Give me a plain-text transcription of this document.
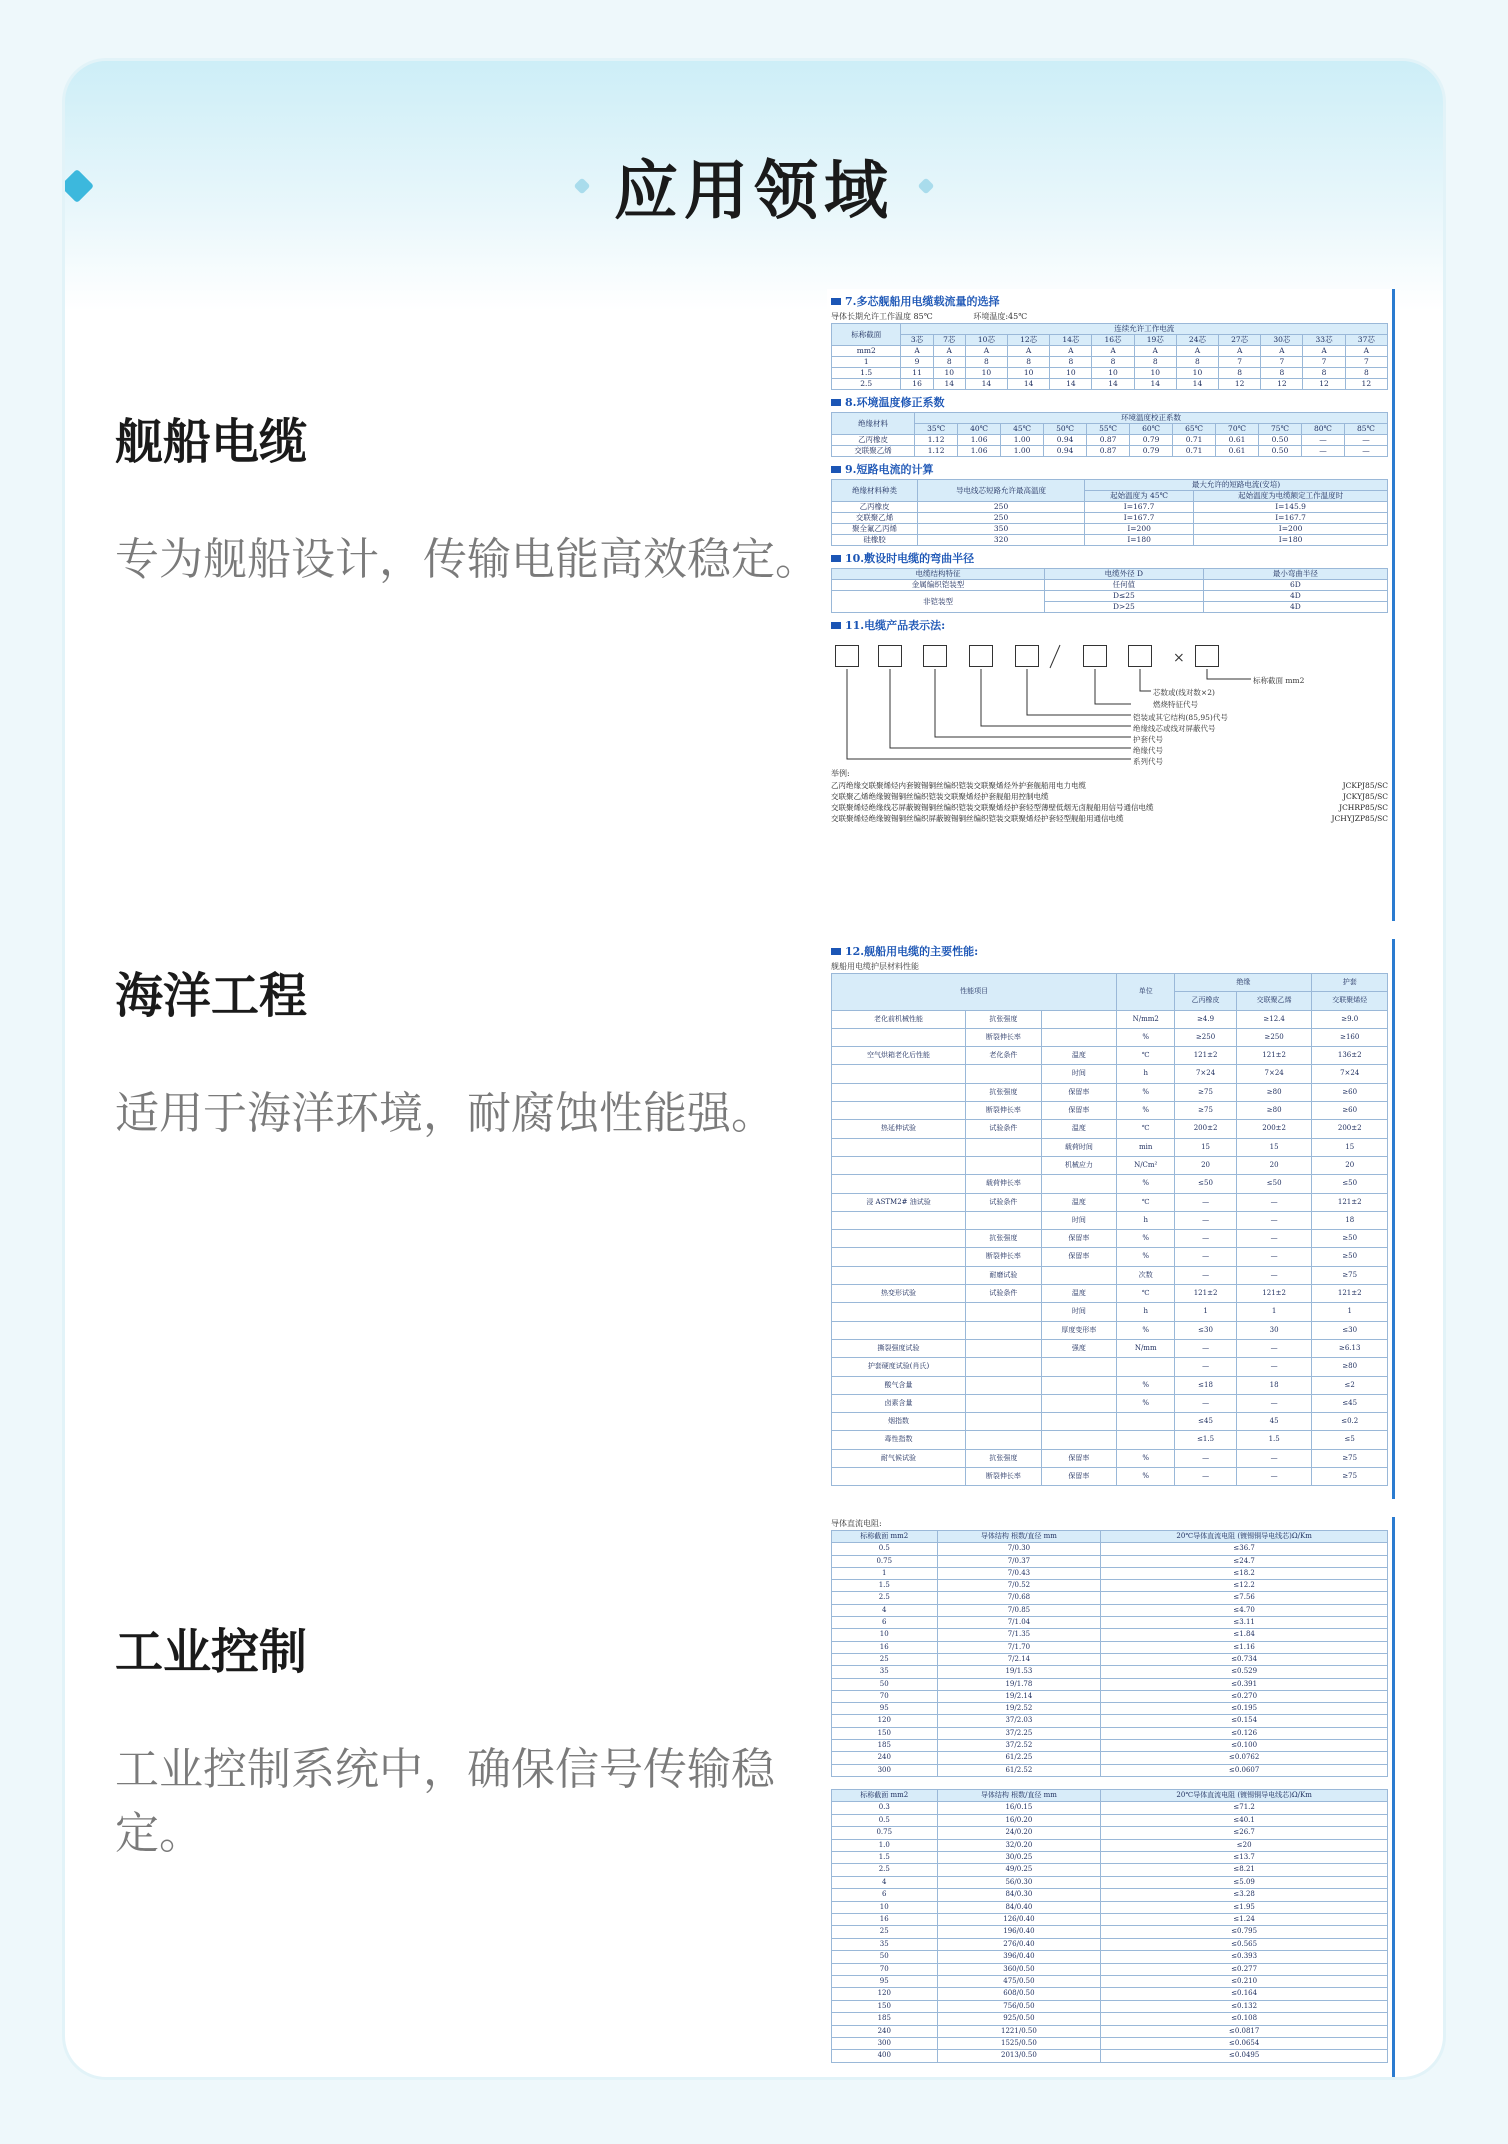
应用领域
舰船电缆

专为舰船设计，传输电能高效稳定。

海洋工程

适用于海洋环境，耐腐蚀性能强。

工业控制

工业控制系统中，确保信号传输稳定。

7.多芯舰船用电缆载流量的选择
导体长期允许工作温度 85℃	环境温度:45℃
标称截面	连续允许工作电流											
	3芯	7芯	10芯	12芯	14芯	16芯	19芯	24芯	27芯	30芯	33芯	37芯
mm2	A	A	A	A	A	A	A	A	A	A	A	A
1	9	8	8	8	8	8	8	8	7	7	7	7
1.5	11	10	10	10	10	10	10	10	8	8	8	8
2.5	16	14	14	14	14	14	14	14	12	12	12	12
8.环境温度修正系数
绝缘材料	环境温度校正系数										
	35℃	40℃	45℃	50℃	55℃	60℃	65℃	70℃	75℃	80℃	85℃
乙丙橡皮	1.12	1.06	1.00	0.94	0.87	0.79	0.71	0.61	0.50	—	—
交联聚乙烯	1.12	1.06	1.00	0.94	0.87	0.79	0.71	0.61	0.50	—	—
9.短路电流的计算
绝缘材料种类	导电线芯短路允许最高温度	最大允许的短路电流(安培)	
		起始温度为 45℃	起始温度为电缆额定工作温度时
乙丙橡皮	250	I=167.7	I=145.9
交联聚乙烯	250	I=167.7	I=167.7
聚全氟乙丙烯	350	I=200	I=200
硅橡胶	320	I=180	I=180
10.敷设时电缆的弯曲半径
电缆结构特征	电缆外径 D	最小弯曲半径
金属编织铠装型	任何值	6D
非铠装型	D≤25	4D
	D>25	4D
11.电缆产品表示法:
×
标称截面 mm2
芯数或(线对数×2)
燃烧特征代号
铠装或其它结构(85,95)代号
绝缘线芯或线对屏蔽代号
护套代号
绝缘代号
系列代号
举例:
乙丙绝缘交联聚烯烃内套镀锡铜丝编织铠装交联聚烯烃外护套舰船用电力电缆	JCKPJ85/SC
交联聚乙烯绝缘镀锡铜丝编织铠装交联聚烯烃护套舰船用控制电缆	JCKYJ85/SC
交联聚烯烃绝缘线芯屏蔽镀锡铜丝编织铠装交联聚烯烃护套轻型薄壁低烟无卤舰船用信号通信电缆	JCHRP85/SC
交联聚烯烃绝缘镀锡铜丝编织屏蔽镀锡铜丝编织铠装交联聚烯烃护套轻型舰船用通信电缆	JCHYJZP85/SC
12.舰船用电缆的主要性能:
舰船用电缆护层材料性能
性能项目			单位	绝缘		护套
				乙丙橡皮	交联聚乙烯	交联聚烯烃
老化前机械性能	抗张强度		N/mm2	≥4.9	≥12.4	≥9.0
	断裂伸长率		%	≥250	≥250	≥160
空气烘箱老化后性能	老化条件	温度	℃	121±2	121±2	136±2
		时间	h	7×24	7×24	7×24
	抗张强度	保留率	%	≥75	≥80	≥60
	断裂伸长率	保留率	%	≥75	≥80	≥60
热延伸试验	试验条件	温度	℃	200±2	200±2	200±2
		载荷时间	min	15	15	15
		机械应力	N/Cm²	20	20	20
	载荷伸长率		%	≤50	≤50	≤50
浸 ASTM2# 油试验	试验条件	温度	℃	—	—	121±2
		时间	h	—	—	18
	抗张强度	保留率	%	—	—	≥50
	断裂伸长率	保留率	%	—	—	≥50
	耐磨试验		次数	—	—	≥75
热变形试验	试验条件	温度	℃	121±2	121±2	121±2
		时间	h	1	1	1
		厚度变形率	%	≤30	30	≤30
撕裂强度试验		强度	N/mm	—	—	≥6.13
护套硬度试验(肖氏)				—	—	≥80
酸气含量			%	≤18	18	≤2
卤素含量			%	—	—	≤45
烟指数				≤45	45	≤0.2
毒性指数				≤1.5	1.5	≤5
耐气候试验	抗张强度	保留率	%	—	—	≥75
	断裂伸长率	保留率	%	—	—	≥75
导体直流电阻:
标称截面 mm2	导体结构 根数/直径 mm	20℃导体直流电阻 (镀锡铜导电线芯)Ω/Km
0.5	7/0.30	≤36.7
0.75	7/0.37	≤24.7
1	7/0.43	≤18.2
1.5	7/0.52	≤12.2
2.5	7/0.68	≤7.56
4	7/0.85	≤4.70
6	7/1.04	≤3.11
10	7/1.35	≤1.84
16	7/1.70	≤1.16
25	7/2.14	≤0.734
35	19/1.53	≤0.529
50	19/1.78	≤0.391
70	19/2.14	≤0.270
95	19/2.52	≤0.195
120	37/2.03	≤0.154
150	37/2.25	≤0.126
185	37/2.52	≤0.100
240	61/2.25	≤0.0762
300	61/2.52	≤0.0607
标称截面 mm2	导体结构 根数/直径 mm	20℃导体直流电阻 (镀锡铜导电线芯)Ω/Km
0.3	16/0.15	≤71.2
0.5	16/0.20	≤40.1
0.75	24/0.20	≤26.7
1.0	32/0.20	≤20
1.5	30/0.25	≤13.7
2.5	49/0.25	≤8.21
4	56/0.30	≤5.09
6	84/0.30	≤3.28
10	84/0.40	≤1.95
16	126/0.40	≤1.24
25	196/0.40	≤0.795
35	276/0.40	≤0.565
50	396/0.40	≤0.393
70	360/0.50	≤0.277
95	475/0.50	≤0.210
120	608/0.50	≤0.164
150	756/0.50	≤0.132
185	925/0.50	≤0.108
240	1221/0.50	≤0.0817
300	1525/0.50	≤0.0654
400	2013/0.50	≤0.0495
